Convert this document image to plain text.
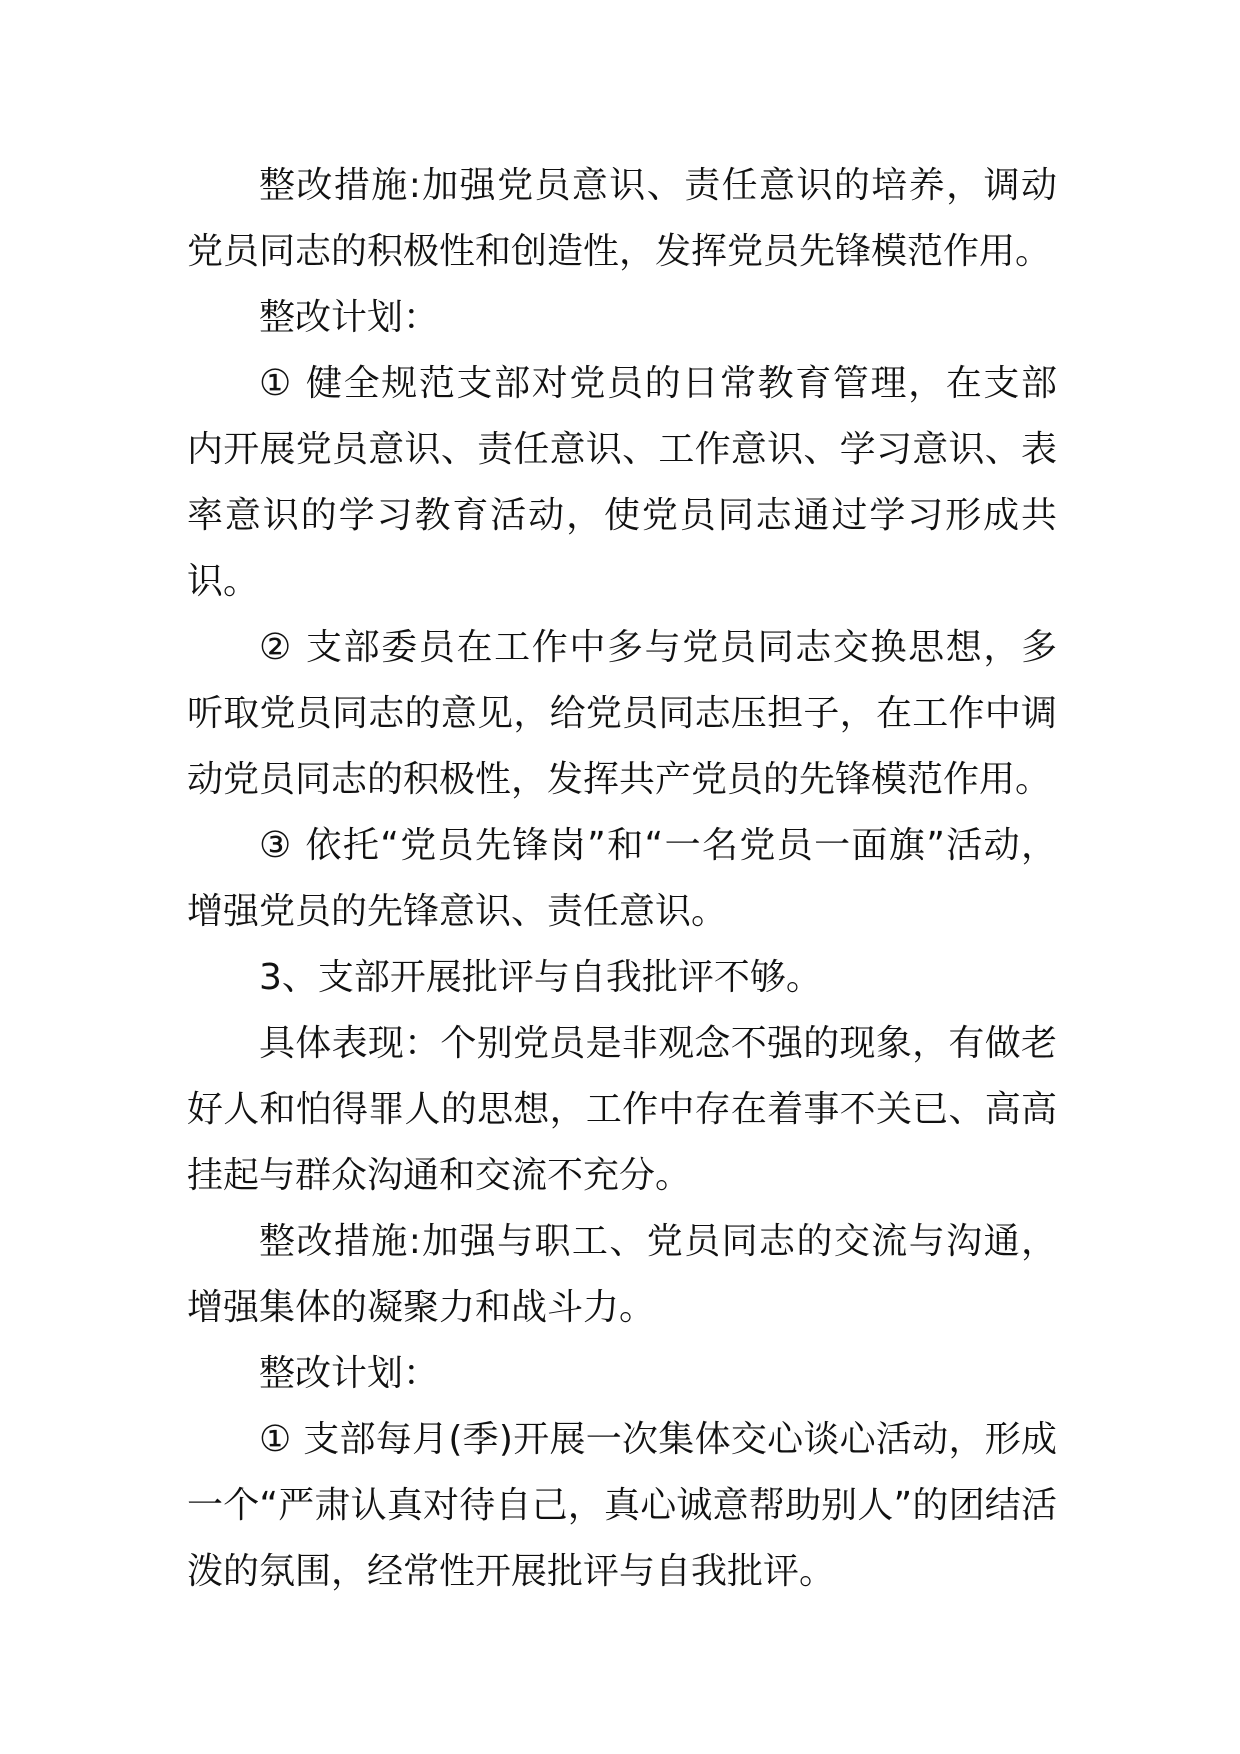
整改措施:加强党员意识、责任意识的培养，调动党员同志的积极性和创造性，发挥党员先锋模范作用。

整改计划：

① 健全规范支部对党员的日常教育管理，在支部内开展党员意识、责任意识、工作意识、学习意识、表率意识的学习教育活动，使党员同志通过学习形成共识。

② 支部委员在工作中多与党员同志交换思想，多听取党员同志的意见，给党员同志压担子，在工作中调动党员同志的积极性，发挥共产党员的先锋模范作用。

③ 依托“党员先锋岗”和“一名党员一面旗”活动，增强党员的先锋意识、责任意识。

3、支部开展批评与自我批评不够。

具体表现：个别党员是非观念不强的现象，有做老好人和怕得罪人的思想，工作中存在着事不关已、高高挂起与群众沟通和交流不充分。

整改措施:加强与职工、党员同志的交流与沟通，增强集体的凝聚力和战斗力。

整改计划：

① 支部每月(季)开展一次集体交心谈心活动，形成一个“严肃认真对待自己，真心诚意帮助别人”的团结活泼的氛围，经常性开展批评与自我批评。
